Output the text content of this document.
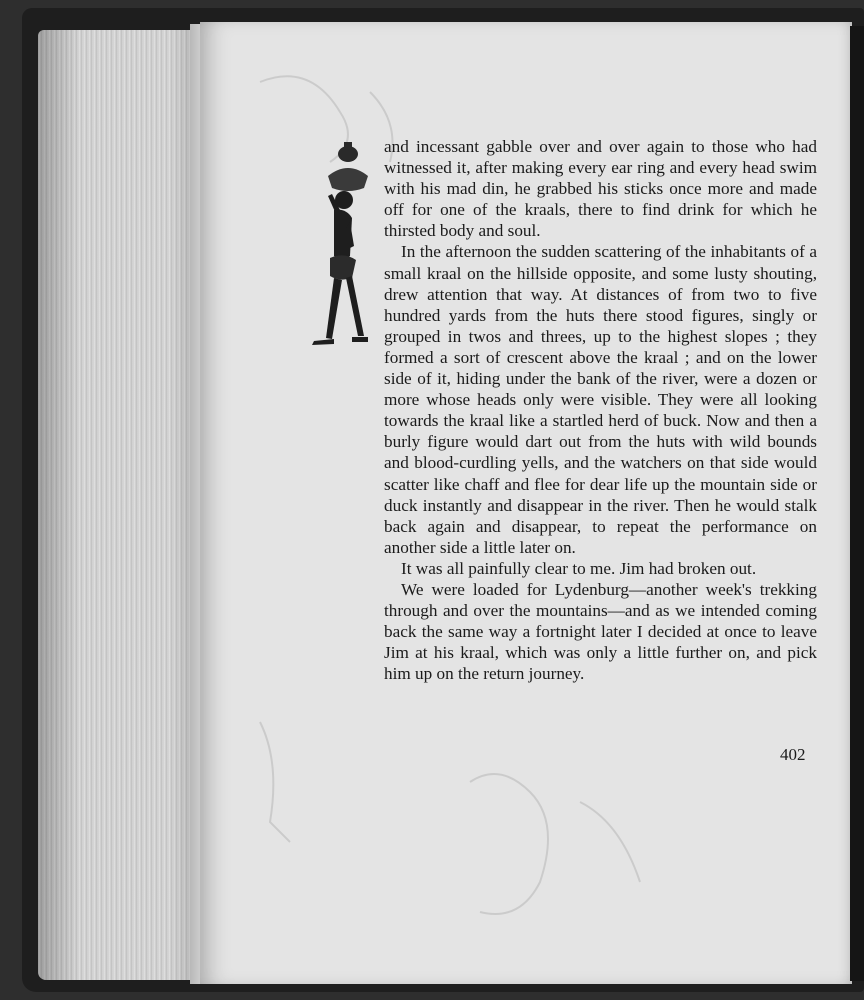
and incessant gabble over and over again to those who had witnessed it, after making every ear ring and every head swim with his mad din, he grabbed his sticks once more and made off for one of the kraals, there to find drink for which he thirsted body and soul.

In the afternoon the sudden scattering of the inhabitants of a small kraal on the hillside opposite, and some lusty shouting, drew attention that way. At distances of from two to five hundred yards from the huts there stood figures, singly or grouped in twos and threes, up to the highest slopes ; they formed a sort of crescent above the kraal ; and on the lower side of it, hiding under the bank of the river, were a dozen or more whose heads only were visible. They were all looking towards the kraal like a startled herd of buck. Now and then a burly figure would dart out from the huts with wild bounds and blood-curdling yells, and the watchers on that side would scatter like chaff and flee for dear life up the mountain side or duck instantly and disappear in the river. Then he would stalk back again and disappear, to repeat the performance on another side a little later on.

It was all painfully clear to me. Jim had broken out.

We were loaded for Lydenburg—another week's trekking through and over the mountains—and as we intended coming back the same way a fortnight later I decided at once to leave Jim at his kraal, which was only a little further on, and pick him up on the return journey.

402
